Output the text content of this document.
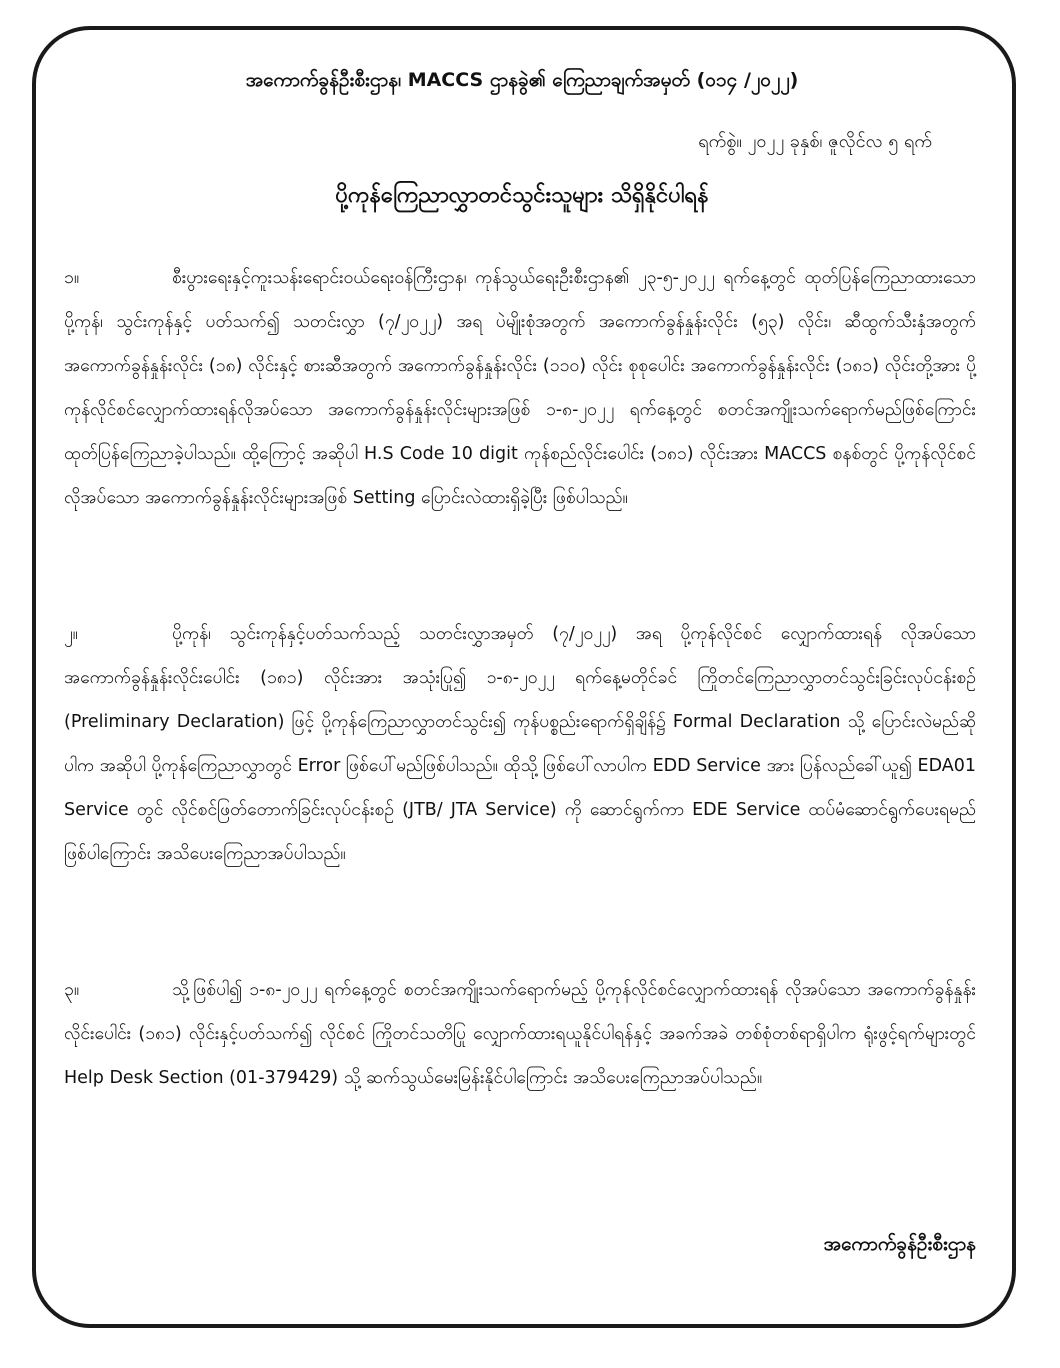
အကောက်ခွန်ဦးစီးဌာန၊ MACCS ဌာနခွဲ၏ ကြေညာချက်အမှတ် (၀၁၄ /၂၀၂၂)
ရက်စွဲ။ ၂၀၂၂ ခုနှစ်၊ ဇူလိုင်လ ၅ ရက်
ပို့ကုန်ကြေညာလွှာတင်သွင်းသူများ သိရှိနိုင်ပါရန်
၁။	စီးပွားရေးနှင့်ကူးသန်းရောင်းဝယ်ရေးဝန်ကြီးဌာန၊ ကုန်သွယ်ရေးဦးစီးဌာန၏ ၂၃-၅-၂၀၂၂ ရက်နေ့တွင် ထုတ်ပြန်ကြေညာထားသော ပို့ကုန်၊ သွင်းကုန်နှင့် ပတ်သက်၍ သတင်းလွှာ (၇/၂၀၂၂) အရ ပဲမျိုးစုံအတွက် အကောက်ခွန်နှုန်းလိုင်း (၅၃) လိုင်း၊ ဆီထွက်သီးနှံအတွက် အကောက်ခွန်နှုန်းလိုင်း (၁၈) လိုင်းနှင့် စားဆီအတွက် အကောက်ခွန်နှုန်းလိုင်း (၁၁၀) လိုင်း စုစုပေါင်း အကောက်ခွန်နှုန်းလိုင်း (၁၈၁) လိုင်းတို့အား ပို့ကုန်လိုင်စင်လျှောက်ထားရန်လိုအပ်သော အကောက်ခွန်နှုန်းလိုင်းများအဖြစ် ၁-၈-၂၀၂၂ ရက်နေ့တွင် စတင်အကျိုးသက်ရောက်မည်ဖြစ်ကြောင်း ထုတ်ပြန်ကြေညာခဲ့ပါသည်။ ထို့ကြောင့် အဆိုပါ H.S Code 10 digit ကုန်စည်လိုင်းပေါင်း (၁၈၁) လိုင်းအား MACCS စနစ်တွင် ပို့ကုန်လိုင်စင်လိုအပ်သော အကောက်ခွန်နှုန်းလိုင်းများအဖြစ် Setting ပြောင်းလဲထားရှိခဲ့ပြီး ဖြစ်ပါသည်။
၂။	ပို့ကုန်၊ သွင်းကုန်နှင့်ပတ်သက်သည့် သတင်းလွှာအမှတ် (၇/၂၀၂၂) အရ ပို့ကုန်လိုင်စင် လျှောက်ထားရန် လိုအပ်သော အကောက်ခွန်နှုန်းလိုင်းပေါင်း (၁၈၁) လိုင်းအား အသုံးပြု၍ ၁-၈-၂၀၂၂ ရက်နေ့မတိုင်ခင် ကြိုတင်ကြေညာလွှာတင်သွင်းခြင်းလုပ်ငန်းစဉ် (Preliminary Declaration) ဖြင့် ပို့ကုန်ကြေညာလွှာတင်သွင်း၍ ကုန်ပစ္စည်းရောက်ရှိချိန်၌ Formal Declaration သို့ ပြောင်းလဲမည်ဆိုပါက အဆိုပါ ပို့ကုန်ကြေညာလွှာတွင် Error ဖြစ်ပေါ်မည်ဖြစ်ပါသည်။ ထိုသို့ ဖြစ်ပေါ်လာပါက EDD Service အား ပြန်လည်ခေါ်ယူ၍ EDA01 Service တွင် လိုင်စင်ဖြတ်တောက်ခြင်းလုပ်ငန်းစဉ် (JTB/ JTA Service) ကို ဆောင်ရွက်ကာ EDE Service ထပ်မံဆောင်ရွက်ပေးရမည် ဖြစ်ပါကြောင်း အသိပေးကြေညာအပ်ပါသည်။
၃။	သို့ဖြစ်ပါ၍ ၁-၈-၂၀၂၂ ရက်နေ့တွင် စတင်အကျိုးသက်ရောက်မည့် ပို့ကုန်လိုင်စင်လျှောက်ထားရန် လိုအပ်သော အကောက်ခွန်နှုန်းလိုင်းပေါင်း (၁၈၁) လိုင်းနှင့်ပတ်သက်၍ လိုင်စင် ကြိုတင်သတိပြု လျှောက်ထားရယူနိုင်ပါရန်နှင့် အခက်အခဲ တစ်စုံတစ်ရာရှိပါက ရုံးဖွင့်ရက်များတွင် Help Desk Section (01-379429) သို့ ဆက်သွယ်မေးမြန်းနိုင်ပါကြောင်း အသိပေးကြေညာအပ်ပါသည်။
အကောက်ခွန်ဦးစီးဌာန
